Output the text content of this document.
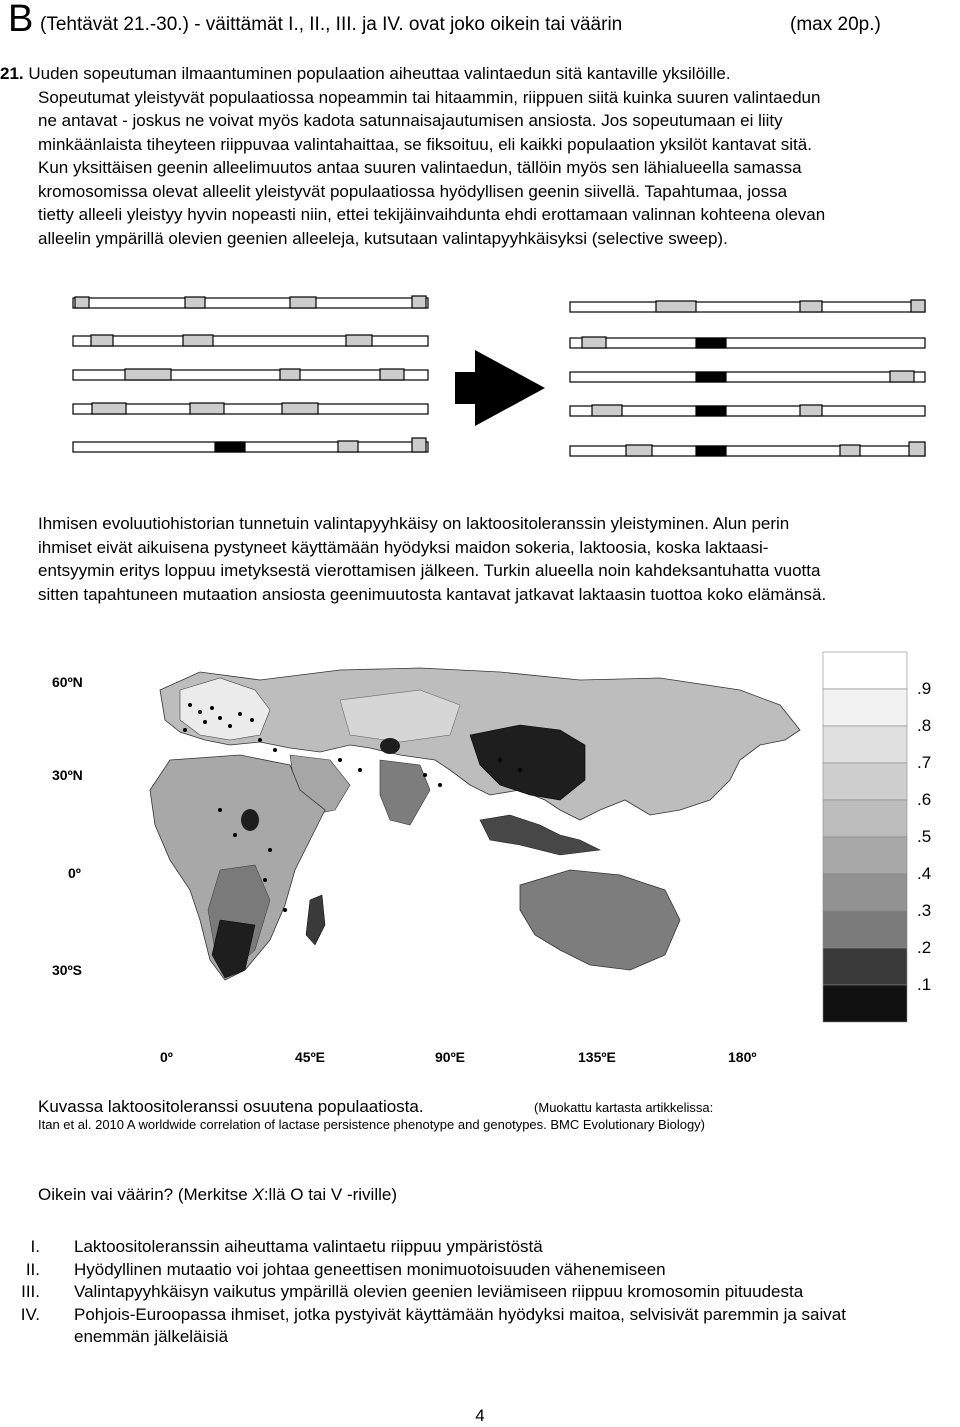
B (Tehtävät 21.-30.) - väittämät I., II., III. ja IV. ovat joko oikein tai väärin	(max 20p.)
21. Uuden sopeutuman ilmaantuminen populaation aiheuttaa valintaedun sitä kantaville yksilöille.
Sopeutumat yleistyvät populaatiossa nopeammin tai hitaammin, riippuen siitä kuinka suuren valintaedun
ne antavat - joskus ne voivat myös kadota satunnaisajautumisen ansiosta. Jos sopeutumaan ei liity
minkäänlaista tiheyteen riippuvaa valintahaittaa, se fiksoituu, eli kaikki populaation yksilöt kantavat sitä.
Kun yksittäisen geenin alleelimuutos antaa suuren valintaedun, tällöin myös sen lähialueella samassa
kromosomissa olevat alleelit yleistyvät populaatiossa hyödyllisen geenin siivellä. Tapahtumaa, jossa
tietty alleeli yleistyy hyvin nopeasti niin, ettei tekijäinvaihdunta ehdi erottamaan valinnan kohteena olevan
alleelin ympärillä olevien geenien alleeleja, kutsutaan valintapyyhkäisyksi (selective sweep).
Ihmisen evoluutiohistorian tunnetuin valintapyyhkäisy on laktoositoleranssin yleistyminen. Alun perin
ihmiset eivät aikuisena pystyneet käyttämään hyödyksi maidon sokeria, laktoosia, koska laktaasi-
entsyymin eritys loppuu imetyksestä vierottamisen jälkeen. Turkin alueella noin kahdeksantuhatta vuotta
sitten tapahtuneen mutaation ansiosta geenimuutosta kantavat jatkavat laktaasin tuottoa koko elämänsä.
60ºN
30ºN
0º
30ºS
0º	45ºE	90ºE	135ºE	180º
.9
.8
.7
.6
.5
.4
.3
.2
.1
Kuvassa laktoositoleranssi osuutena populaatiosta.	(Muokattu kartasta artikkelissa:
Itan et al. 2010 A worldwide correlation of lactase persistence phenotype and genotypes. BMC Evolutionary Biology)
Oikein vai väärin? (Merkitse X:llä O tai V -riville)
I. Laktoositoleranssin aiheuttama valintaetu riippuu ympäristöstä
II. Hyödyllinen mutaatio voi johtaa geneettisen monimuotoisuuden vähenemiseen
III. Valintapyyhkäisyn vaikutus ympärillä olevien geenien leviämiseen riippuu kromosomin pituudesta
IV. Pohjois-Euroopassa ihmiset, jotka pystyivät käyttämään hyödyksi maitoa, selvisivät paremmin ja saivat enemmän jälkeläisiä
4
